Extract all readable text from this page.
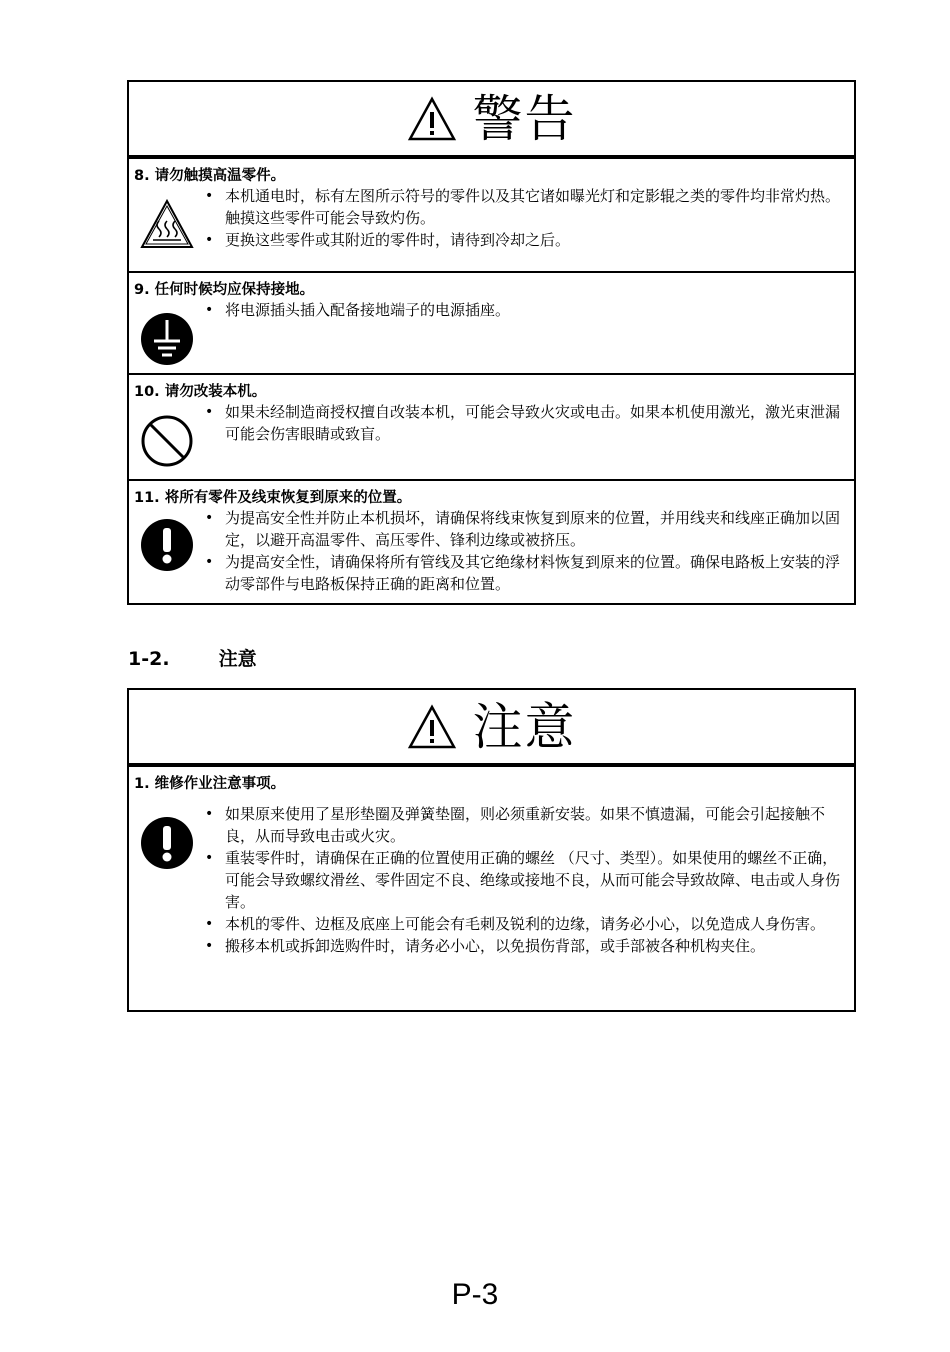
警告
8. 请勿触摸高温零件。
• 本机通电时，标有左图所示符号的零件以及其它诸如曝光灯和定影辊之类的零件均非常灼热。触摸这些零件可能会导致灼伤。
• 更换这些零件或其附近的零件时，请待到冷却之后。
9. 任何时候均应保持接地。
• 将电源插头插入配备接地端子的电源插座。
10. 请勿改装本机。
• 如果未经制造商授权擅自改装本机，可能会导致火灾或电击。如果本机使用激光，激光束泄漏可能会伤害眼睛或致盲。
11. 将所有零件及线束恢复到原来的位置。
• 为提高安全性并防止本机损坏，请确保将线束恢复到原来的位置，并用线夹和线座正确加以固定，以避开高温零件、高压零件、锋利边缘或被挤压。
• 为提高安全性，请确保将所有管线及其它绝缘材料恢复到原来的位置。确保电路板上安装的浮动零部件与电路板保持正确的距离和位置。
1-2.	注意
注意
1. 维修作业注意事项。
• 如果原来使用了星形垫圈及弹簧垫圈，则必须重新安装。如果不慎遗漏，可能会引起接触不良，从而导致电击或火灾。
• 重装零件时，请确保在正确的位置使用正确的螺丝 （尺寸、类型）。如果使用的螺丝不正确，可能会导致螺纹滑丝、零件固定不良、绝缘或接地不良，从而可能会导致故障、电击或人身伤害。
• 本机的零件、边框及底座上可能会有毛刺及锐利的边缘，请务必小心，以免造成人身伤害。
• 搬移本机或拆卸选购件时，请务必小心，以免损伤背部，或手部被各种机构夹住。
P-3
